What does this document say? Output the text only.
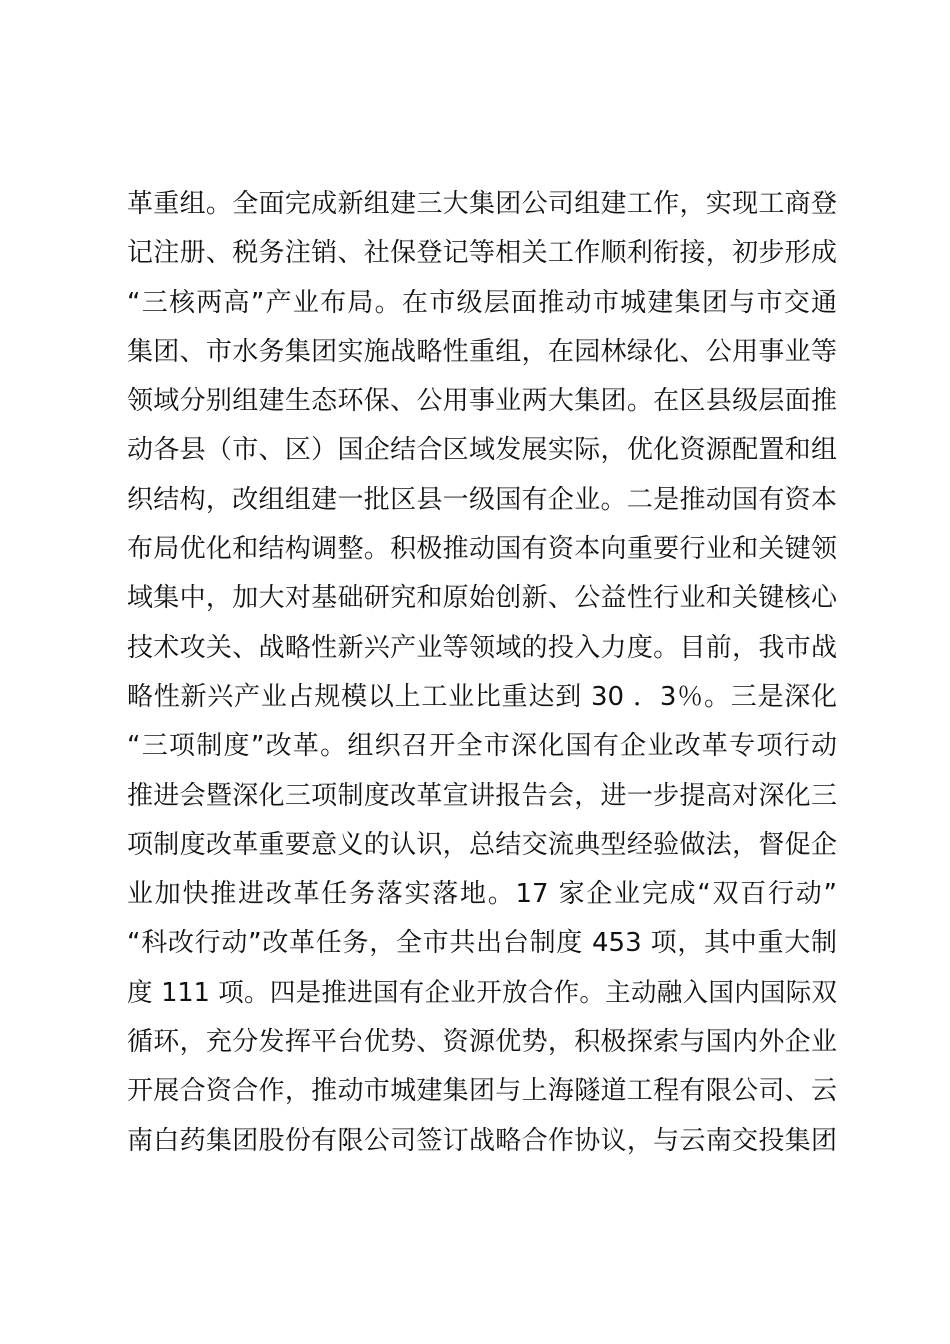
革重组。全面完成新组建三大集团公司组建工作，实现工商登
记注册、税务注销、社保登记等相关工作顺利衔接，初步形成
“三核两高”产业布局。在市级层面推动市城建集团与市交通
集团、市水务集团实施战略性重组，在园林绿化、公用事业等
领域分别组建生态环保、公用事业两大集团。在区县级层面推
动各县（市、区）国企结合区域发展实际，优化资源配置和组
织结构，改组组建一批区县一级国有企业。二是推动国有资本
布局优化和结构调整。积极推动国有资本向重要行业和关键领
域集中，加大对基础研究和原始创新、公益性行业和关键核心
技术攻关、战略性新兴产业等领域的投入力度。目前，我市战
略性新兴产业占规模以上工业比重达到 30 ．3％。三是深化
“三项制度”改革。组织召开全市深化国有企业改革专项行动
推进会暨深化三项制度改革宣讲报告会，进一步提高对深化三
项制度改革重要意义的认识，总结交流典型经验做法，督促企
业加快推进改革任务落实落地。17 家企业完成“双百行动”
“科改行动”改革任务，全市共出台制度 453 项，其中重大制
度 111 项。四是推进国有企业开放合作。主动融入国内国际双
循环，充分发挥平台优势、资源优势，积极探索与国内外企业
开展合资合作，推动市城建集团与上海隧道工程有限公司、云
南白药集团股份有限公司签订战略合作协议，与云南交投集团
